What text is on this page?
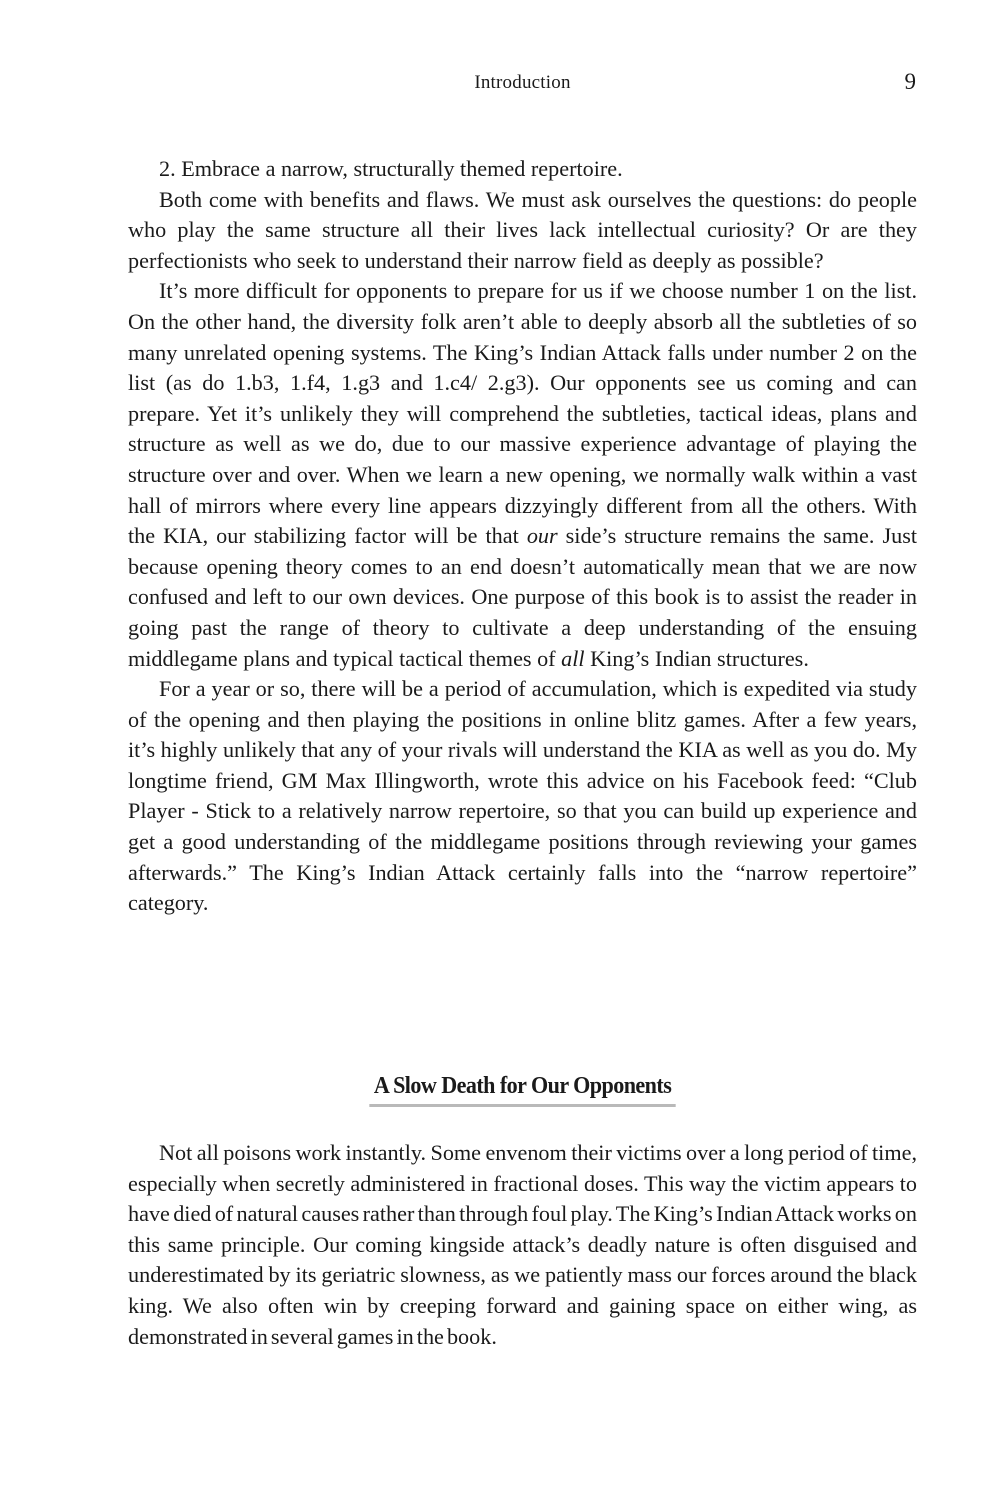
Introduction	9

2. Embrace a narrow, structurally themed repertoire.

Both come with benefits and flaws. We must ask ourselves the questions: do people who play the same structure all their lives lack intellectual curiosity? Or are they perfectionists who seek to understand their narrow field as deeply as possible?

It’s more difficult for opponents to prepare for us if we choose number 1 on the list. On the other hand, the diversity folk aren’t able to deeply absorb all the subtleties of so many unrelated opening systems. The King’s Indian Attack falls under number 2 on the list (as do 1.b3, 1.f4, 1.g3 and 1.c4/ 2.g3). Our opponents see us coming and can prepare. Yet it’s unlikely they will comprehend the subtleties, tactical ideas, plans and structure as well as we do, due to our massive experience advantage of playing the structure over and over. When we learn a new opening, we normally walk within a vast hall of mirrors where every line appears dizzyingly different from all the others. With the KIA, our stabilizing factor will be that our side’s structure remains the same. Just because opening theory comes to an end doesn’t automatically mean that we are now confused and left to our own devices. One purpose of this book is to assist the reader in going past the range of theory to cultivate a deep understanding of the ensuing middlegame plans and typical tactical themes of all King’s Indian structures.

For a year or so, there will be a period of accumulation, which is expedited via study of the opening and then playing the positions in online blitz games. After a few years, it’s highly unlikely that any of your rivals will understand the KIA as well as you do. My longtime friend, GM Max Illingworth, wrote this advice on his Facebook feed: “Club Player - Stick to a relatively narrow repertoire, so that you can build up experience and get a good understanding of the middlegame positions through reviewing your games afterwards.” The King’s Indian Attack certainly falls into the “narrow repertoire” category.

A Slow Death for Our Opponents

Not all poisons work instantly. Some envenom their victims over a long period of time, especially when secretly administered in fractional doses. This way the victim appears to have died of natural causes rather than through foul play. The King’s Indian Attack works on this same principle. Our coming kingside attack’s deadly nature is often disguised and underestimated by its geriatric slowness, as we patiently mass our forces around the black king. We also often win by creeping forward and gaining space on either wing, as demonstrated in several games in the book.
